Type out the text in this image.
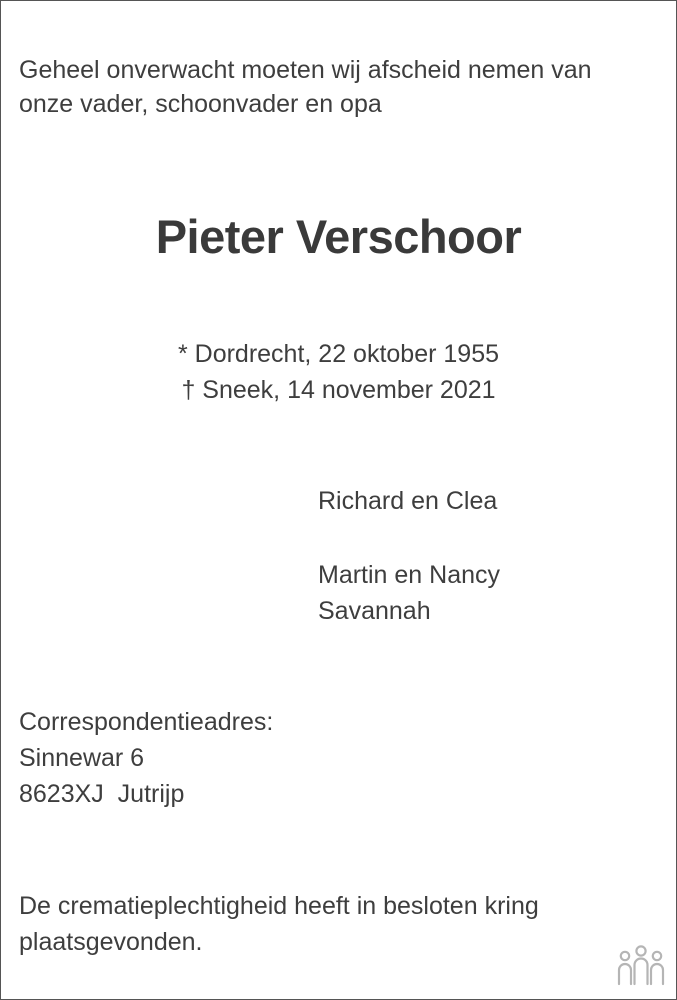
Geheel onverwacht moeten wij afscheid nemen van
onze vader, schoonvader en opa
Pieter Verschoor
* Dordrecht, 22 oktober 1955
† Sneek, 14 november 2021
Richard en Clea
Martin en Nancy
Savannah
Correspondentieadres:
Sinnewar 6
8623XJ  Jutrijp
De crematieplechtigheid heeft in besloten kring
plaatsgevonden.
